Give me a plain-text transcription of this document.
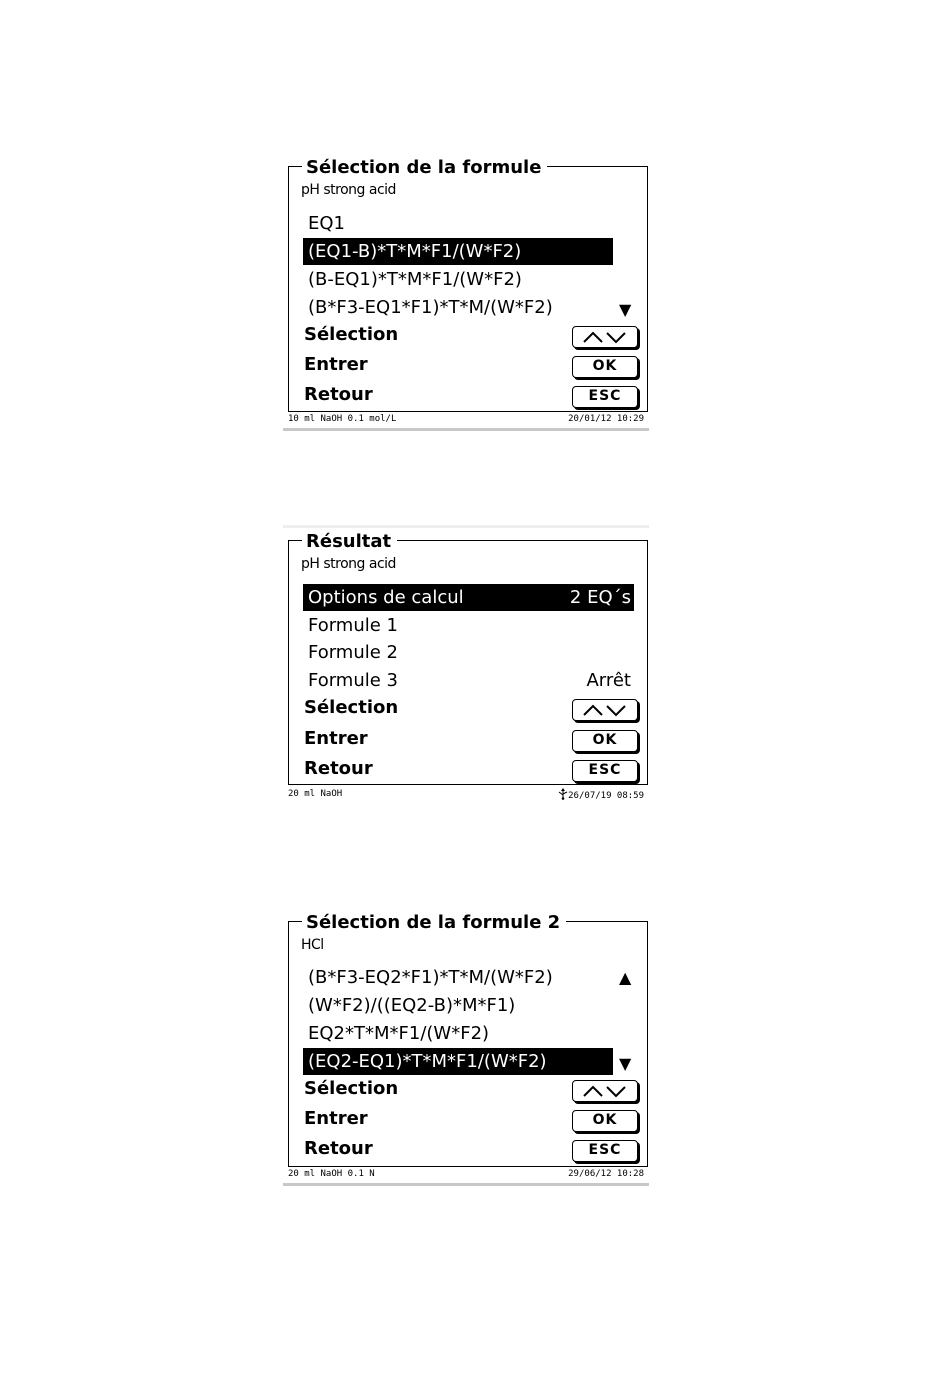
Sélection de la formule
pH strong acid
EQ1
(EQ1-B)*T*M*F1/(W*F2)
(B-EQ1)*T*M*F1/(W*F2)
(B*F3-EQ1*F1)*T*M/(W*F2)	▼
Sélection
Entrer	OK
Retour	ESC
10 ml NaOH 0.1 mol/L	20/01/12 10:29
Résultat
pH strong acid
Options de calcul	2 EQ´s
Formule 1
Formule 2
Formule 3	Arrêt
Sélection
Entrer	OK
Retour	ESC
20 ml NaOH	26/07/19 08:59
Sélection de la formule 2
HCl
(B*F3-EQ2*F1)*T*M/(W*F2)	▲
(W*F2)/((EQ2-B)*M*F1)
EQ2*T*M*F1/(W*F2)
(EQ2-EQ1)*T*M*F1/(W*F2)	▼
Sélection
Entrer	OK
Retour	ESC
20 ml NaOH 0.1 N	29/06/12 10:28
